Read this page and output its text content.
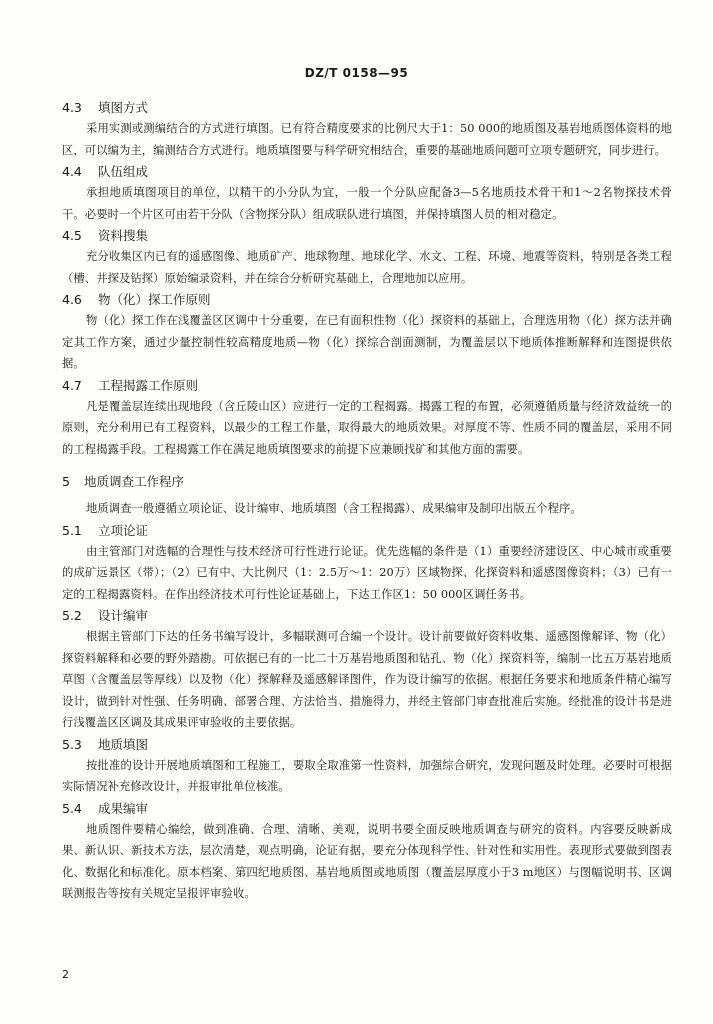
DZ/T 0158—95
4.3 填图方式

采用实测或测编结合的方式进行填图。已有符合精度要求的比例尺大于1：50 000的地质图及基岩地质图体资料的地区，可以编为主，编测结合方式进行。地质填图要与科学研究相结合，重要的基础地质问题可立项专题研究，同步进行。

4.4 队伍组成

承担地质填图项目的单位，以精干的小分队为宜，一般一个分队应配备3—5名地质技术骨干和1～2名物探技术骨干。必要时一个片区可由若干分队（含物探分队）组成联队进行填图，并保持填图人员的相对稳定。

4.5 资料搜集

充分收集区内已有的遥感图像、地质矿产、地球物理、地球化学、水文、工程、环境、地震等资料，特别是各类工程（槽、井探及钻探）原始编录资料，并在综合分析研究基础上，合理地加以应用。

4.6 物（化）探工作原则

物（化）探工作在浅覆盖区区调中十分重要，在已有面积性物（化）探资料的基础上，合理选用物（化）探方法并确定其工作方案，通过少量控制性较高精度地质—物（化）探综合剖面测制，为覆盖层以下地质体推断解释和连图提供依据。

4.7 工程揭露工作原则

凡是覆盖层连续出现地段（含丘陵山区）应进行一定的工程揭露。揭露工程的布置，必须遵循质量与经济效益统一的原则，充分利用已有工程资料，以最少的工程工作量，取得最大的地质效果。对厚度不等、性质不同的覆盖层，采用不同的工程揭露手段。工程揭露工作在满足地质填图要求的前提下应兼顾找矿和其他方面的需要。

5 地质调查工作程序

地质调查一般遵循立项论证、设计编审、地质填图（含工程揭露）、成果编审及制印出版五个程序。

5.1 立项论证

由主管部门对选幅的合理性与技术经济可行性进行论证。优先选幅的条件是（1）重要经济建设区、中心城市或重要的成矿远景区（带）；（2）已有中、大比例尺（1：2.5万～1：20万）区域物探、化探资料和遥感图像资料；（3）已有一定的工程揭露资料。在作出经济技术可行性论证基础上，下达工作区1：50 000区调任务书。

5.2 设计编审

根据主管部门下达的任务书编写设计，多幅联测可合编一个设计。设计前要做好资料收集、遥感图像解译、物（化）探资料解释和必要的野外踏勘。可依据已有的一比二十万基岩地质图和钻孔、物（化）探资料等，编制一比五万基岩地质草图（含覆盖层等厚线）以及物（化）探解释及遥感解译图件，作为设计编写的依据。根据任务要求和地质条件精心编写设计，做到针对性强、任务明确、部署合理、方法恰当、措施得力，并经主管部门审查批准后实施。经批准的设计书是进行浅覆盖区区调及其成果评审验收的主要依据。

5.3 地质填图

按批准的设计开展地质填图和工程施工，要取全取准第一性资料，加强综合研究，发现问题及时处理。必要时可根据实际情况补充修改设计，并报审批单位核准。

5.4 成果编审

地质图件要精心编绘，做到准确、合理、清晰、美观，说明书要全面反映地质调查与研究的资料。内容要反映新成果、新认识、新技术方法，层次清楚，观点明确，论证有据，要充分体现科学性、针对性和实用性。表现形式要做到图表化、数据化和标准化。原本档案、第四纪地质图、基岩地质图或地质图（覆盖层厚度小于3 m地区）与图幅说明书、区调联测报告等按有关规定呈报评审验收。

2
